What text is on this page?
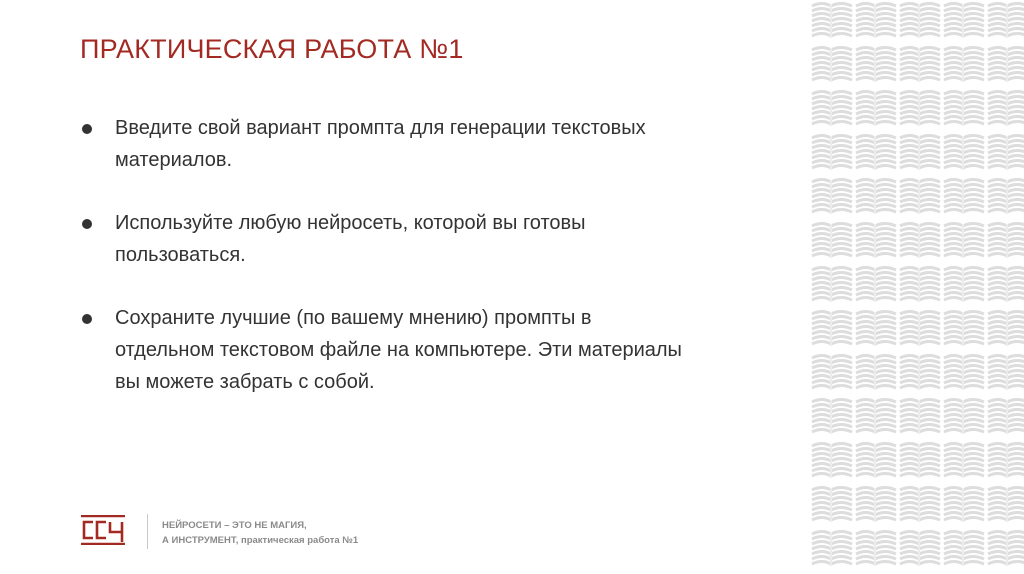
ПРАКТИЧЕСКАЯ РАБОТА №1
Введите свой вариант промпта для генерации текстовых
материалов.
Используйте любую нейросеть, которой вы готовы
пользоваться.
Сохраните лучшие (по вашему мнению) промпты в
отдельном текстовом файле на компьютере. Эти материалы
вы можете забрать с собой.
НЕЙРОСЕТИ – ЭТО НЕ МАГИЯ,
А ИНСТРУМЕНТ, практическая работа №1
